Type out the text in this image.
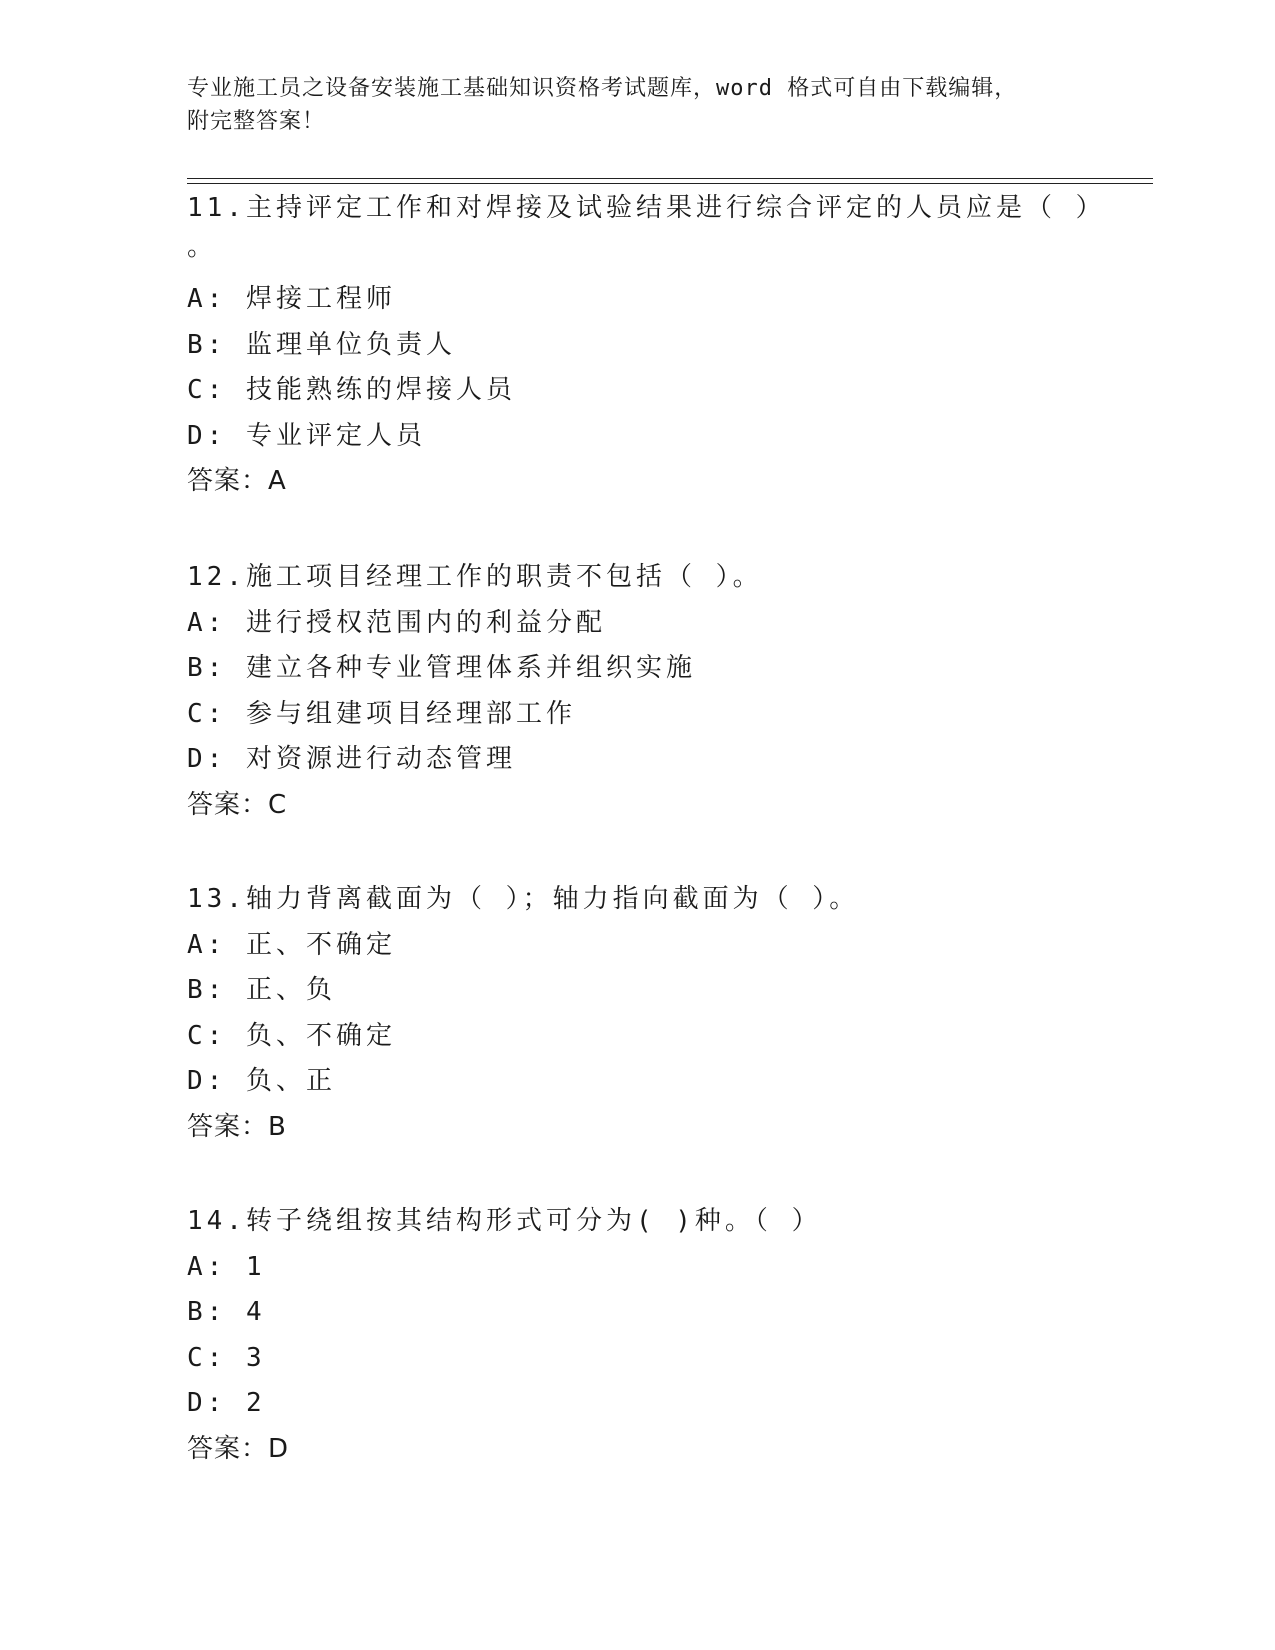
专业施工员之设备安装施工基础知识资格考试题库，word 格式可自由下载编辑，
附完整答案！
11.主持评定工作和对焊接及试验结果进行综合评定的人员应是（ ）
。
A: 焊接工程师
B: 监理单位负责人
C: 技能熟练的焊接人员
D: 专业评定人员
答案：A
12.施工项目经理工作的职责不包括（ ）。
A: 进行授权范围内的利益分配
B: 建立各种专业管理体系并组织实施
C: 参与组建项目经理部工作
D: 对资源进行动态管理
答案：C
13.轴力背离截面为（ ）；轴力指向截面为（ ）。
A: 正、不确定
B: 正、负
C: 负、不确定
D: 负、正
答案：B
14.转子绕组按其结构形式可分为( )种。（ ）
A: 1
B: 4
C: 3
D: 2
答案：D
